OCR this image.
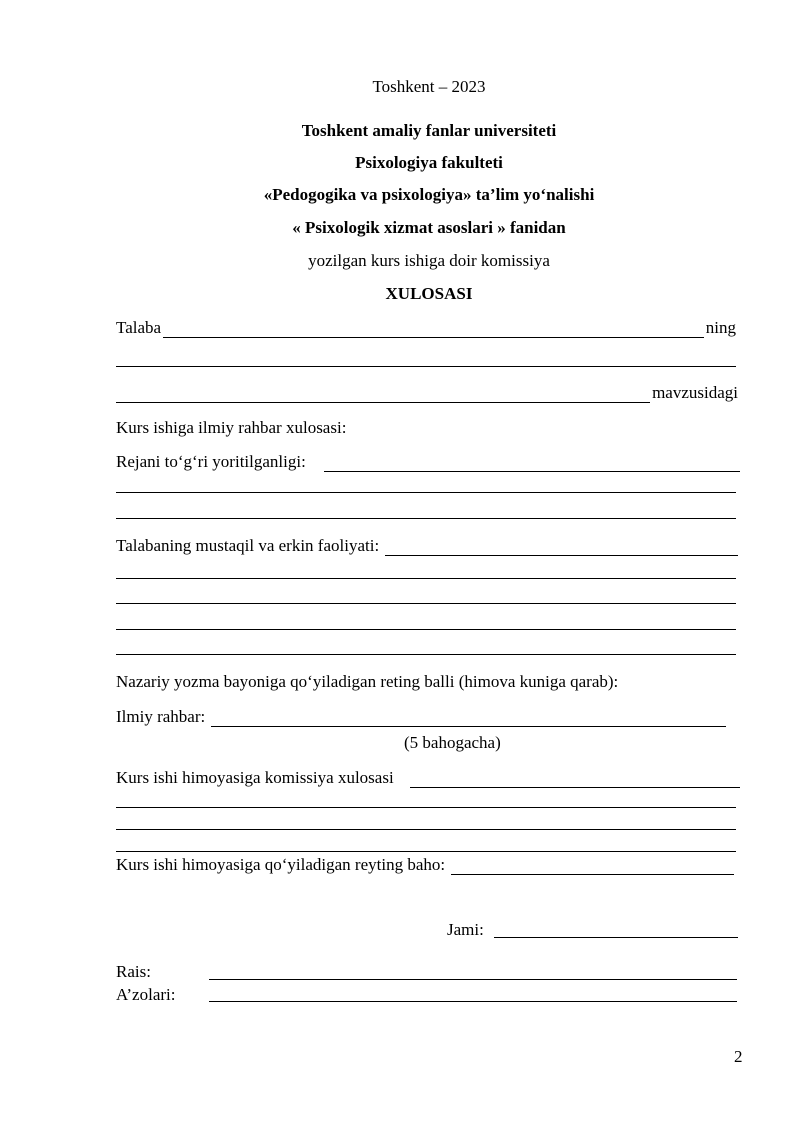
Toshkent – 2023
Toshkent amaliy fanlar universiteti
Psixologiya fakulteti
«Pedogogika va psixologiya» ta’lim yo‘nalishi
« Psixologik xizmat asoslari » fanidan
yozilgan kurs ishiga doir komissiya
XULOSASI
Talaba	ning
mavzusidagi
Kurs ishiga ilmiy rahbar xulosasi:
Rejani to‘g‘ri yoritilganligi:
Talabaning mustaqil va erkin faoliyati:
Nazariy yozma bayoniga qo‘yiladigan reting balli (himova kuniga qarab):
Ilmiy rahbar:
(5 bahogacha)
Kurs ishi himoyasiga komissiya xulosasi
Kurs ishi himoyasiga qo‘yiladigan reyting baho:
Jami:
Rais:
A’zolari:
2
